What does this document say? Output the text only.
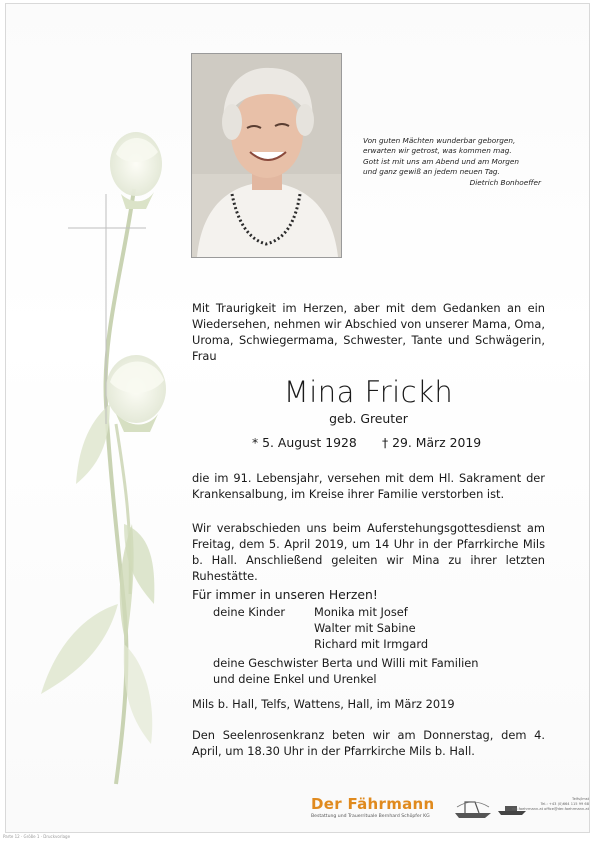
Von guten Mächten wunderbar geborgen,
erwarten wir getrost, was kommen mag.
Gott ist mit uns am Abend und am Morgen
und ganz gewiß an jedem neuen Tag.
Dietrich Bonhoeffer
Mit Traurigkeit im Herzen, aber mit dem Gedanken an ein Wiedersehen, nehmen wir Abschied von unserer Mama, Oma, Uroma, Schwiegermama, Schwester, Tante und Schwägerin, Frau
Mina Frickh
geb. Greuter
* 5. August 1928 † 29. März 2019
die im 91. Lebensjahr, versehen mit dem Hl. Sakrament der Krankensalbung, im Kreise ihrer Familie verstorben ist.
Wir verabschieden uns beim Auferstehungsgottesdienst am Freitag, dem 5. April 2019, um 14 Uhr in der Pfarrkirche Mils b. Hall. Anschließend geleiten wir Mina zu ihrer letzten Ruhestätte.
Für immer in unseren Herzen!
deine Kinder	Monika mit Josef
Walter mit Sabine
Richard mit Irmgard
deine Geschwister Berta und Willi mit Familien
und deine Enkel und Urenkel
Mils b. Hall, Telfs, Wattens, Hall, im März 2019
Den Seelenrosenkranz beten wir am Donnerstag, dem 4. April, um 18.30 Uhr in der Pfarrkirche Mils b. Hall.
Der Fährmann
Bestattung und Trauerrituale Bernhard Schöpfer KG
Telfs/Imst
Tel.: +43 (0)664 115 99 68
der-faehrmann.at office@der-faehrmann.at
Parte 12 · Größe 1 · Druckvorlage
